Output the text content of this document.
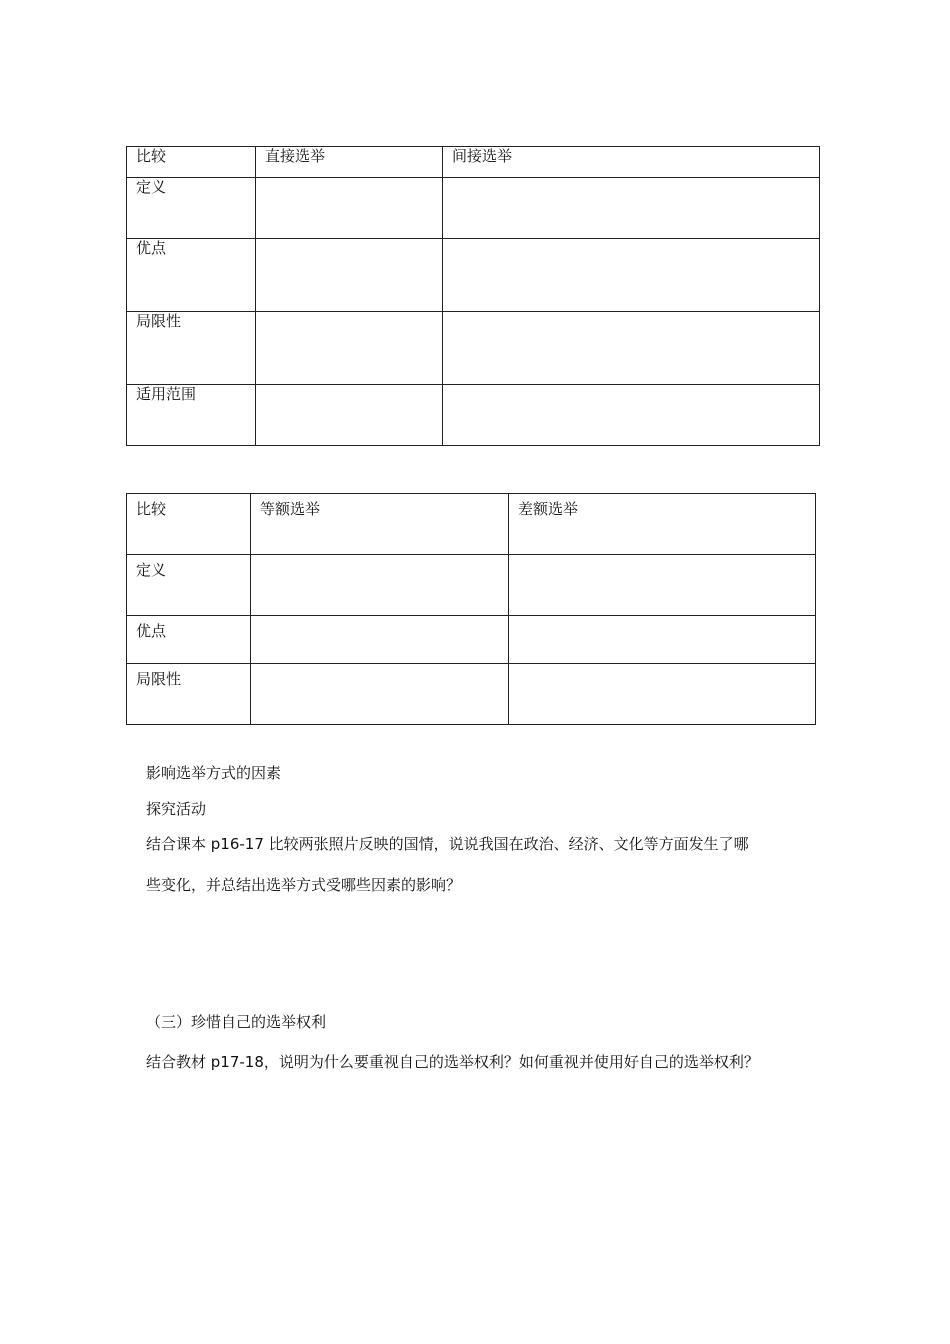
比较	直接选举	间接选举
定义		
优点		
局限性		
适用范围		
比较	等额选举	差额选举
定义		
优点		
局限性		
影响选举方式的因素
探究活动
结合课本 p16-17 比较两张照片反映的国情，说说我国在政治、经济、文化等方面发生了哪
些变化，并总结出选举方式受哪些因素的影响？
（三）珍惜自己的选举权利
结合教材 p17-18，说明为什么要重视自己的选举权利？如何重视并使用好自己的选举权利？
